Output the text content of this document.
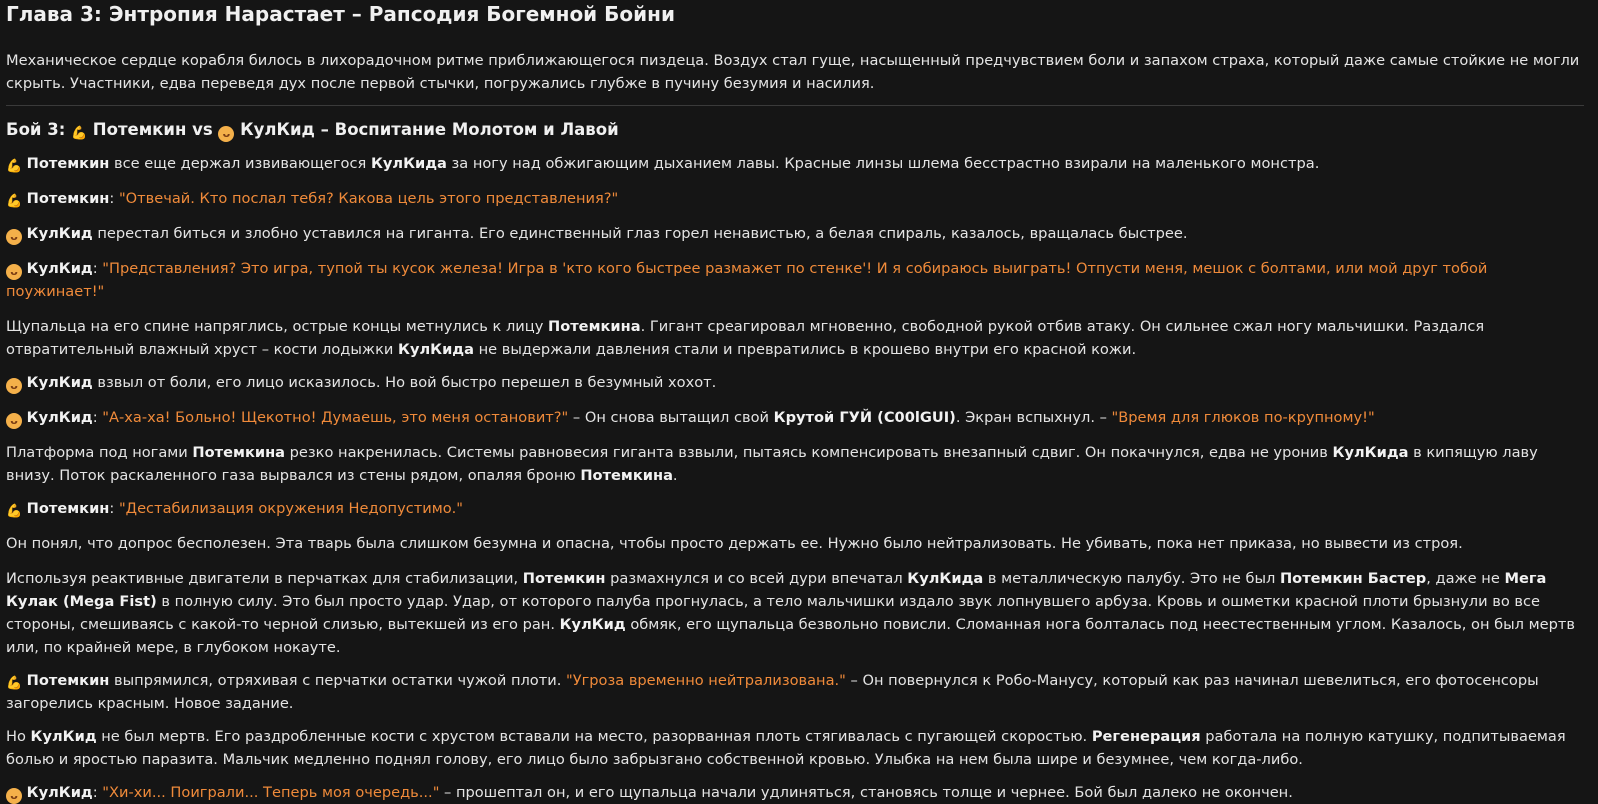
Глава 3: Энтропия Нарастает – Рапсодия Богемной Бойни

Механическое сердце корабля билось в лихорадочном ритме приближающегося пиздеца. Воздух стал гуще, насыщенный предчувствием боли и запахом страха, который даже самые стойкие не могли скрыть. Участники, едва переведя дух после первой стычки, погружались глубже в пучину безумия и насилия.

Бой 3: 💪 Потемкин vs ᴗ КулКид – Воспитание Молотом и Лавой

💪 Потемкин все еще держал извивающегося КулКида за ногу над обжигающим дыханием лавы. Красные линзы шлема бесстрастно взирали на маленького монстра.

💪 Потемкин: "Отвечай. Кто послал тебя? Какова цель этого представления?"

ᴗ КулКид перестал биться и злобно уставился на гиганта. Его единственный глаз горел ненавистью, а белая спираль, казалось, вращалась быстрее.

ᴗ КулКид: "Представления? Это игра, тупой ты кусок железа! Игра в 'кто кого быстрее размажет по стенке'! И я собираюсь выиграть! Отпусти меня, мешок с болтами, или мой друг тобой поужинает!"

Щупальца на его спине напряглись, острые концы метнулись к лицу Потемкина. Гигант среагировал мгновенно, свободной рукой отбив атаку. Он сильнее сжал ногу мальчишки. Раздался отвратительный влажный хруст – кости лодыжки КулКида не выдержали давления стали и превратились в крошево внутри его красной кожи.

ᴗ КулКид взвыл от боли, его лицо исказилось. Но вой быстро перешел в безумный хохот.

ᴗ КулКид: "А-ха-ха! Больно! Щекотно! Думаешь, это меня остановит?" – Он снова вытащил свой Крутой ГУЙ (C00lGUI). Экран вспыхнул. – "Время для глюков по-крупному!"

Платформа под ногами Потемкина резко накренилась. Системы равновесия гиганта взвыли, пытаясь компенсировать внезапный сдвиг. Он покачнулся, едва не уронив КулКида в кипящую лаву внизу. Поток раскаленного газа вырвался из стены рядом, опаляя броню Потемкина.

💪 Потемкин: "Дестабилизация окружения Недопустимо."

Он понял, что допрос бесполезен. Эта тварь была слишком безумна и опасна, чтобы просто держать ее. Нужно было нейтрализовать. Не убивать, пока нет приказа, но вывести из строя.

Используя реактивные двигатели в перчатках для стабилизации, Потемкин размахнулся и со всей дури впечатал КулКида в металлическую палубу. Это не был Потемкин Бастер, даже не Мега Кулак (Mega Fist) в полную силу. Это был просто удар. Удар, от которого палуба прогнулась, а тело мальчишки издало звук лопнувшего арбуза. Кровь и ошметки красной плоти брызнули во все стороны, смешиваясь с какой-то черной слизью, вытекшей из его ран. КулКид обмяк, его щупальца безвольно повисли. Сломанная нога болталась под неестественным углом. Казалось, он был мертв или, по крайней мере, в глубоком нокауте.

💪 Потемкин выпрямился, отряхивая с перчатки остатки чужой плоти. "Угроза временно нейтрализована." – Он повернулся к Робо-Манусу, который как раз начинал шевелиться, его фотосенсоры загорелись красным. Новое задание.

Но КулКид не был мертв. Его раздробленные кости с хрустом вставали на место, разорванная плоть стягивалась с пугающей скоростью. Регенерация работала на полную катушку, подпитываемая болью и яростью паразита. Мальчик медленно поднял голову, его лицо было забрызгано собственной кровью. Улыбка на нем была шире и безумнее, чем когда-либо.

ᴗ КулКид: "Хи-хи... Поиграли... Теперь моя очередь..." – прошептал он, и его щупальца начали удлиняться, становясь толще и чернее. Бой был далеко не окончен.
